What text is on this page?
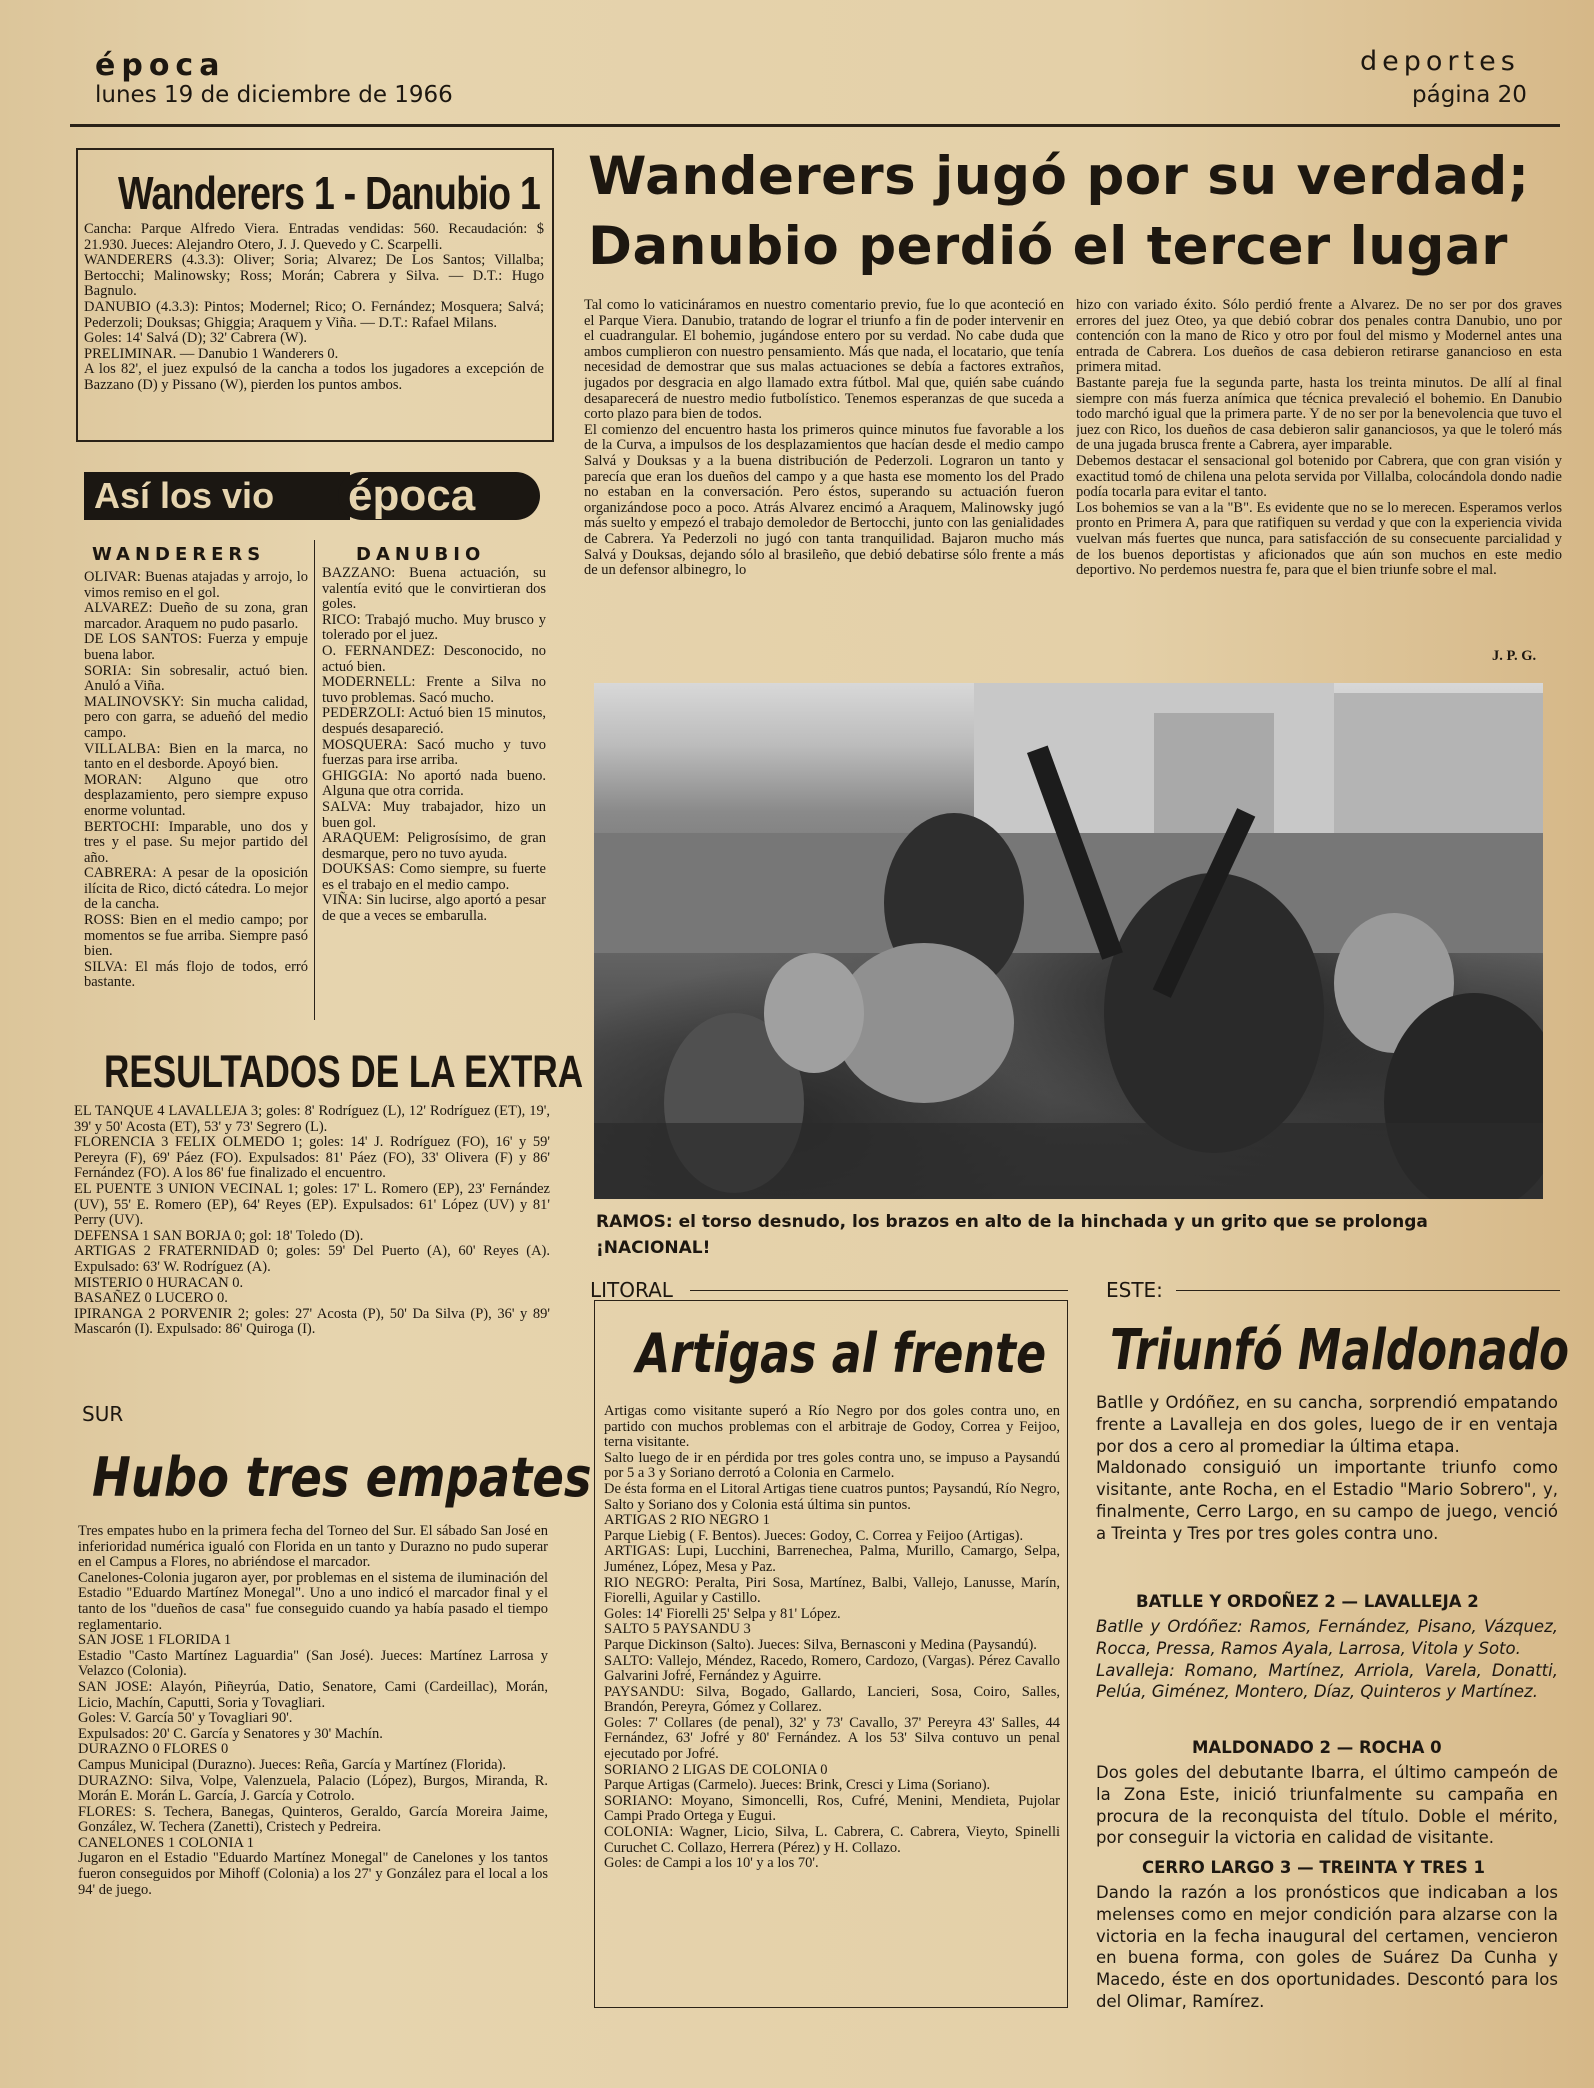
época
lunes 19 de diciembre de 1966
deportes
página 20
Wanderers 1 - Danubio 1
Cancha: Parque Alfredo Viera. Entradas vendidas: 560. Recaudación: $ 21.930. Jueces: Alejandro Otero, J. J. Quevedo y C. Scarpelli.
WANDERERS (4.3.3): Oliver; Soria; Alvarez; De Los Santos; Villalba; Bertocchi; Malinowsky; Ross; Morán; Cabrera y Silva. — D.T.: Hugo Bagnulo.
DANUBIO (4.3.3): Pintos; Modernel; Rico; O. Fernández; Mosquera; Salvá; Pederzoli; Douksas; Ghiggia; Araquem y Viña. — D.T.: Rafael Milans.
Goles: 14' Salvá (D); 32' Cabrera (W).
PRELIMINAR. — Danubio 1 Wanderers 0.
A los 82', el juez expulsó de la cancha a todos los jugadores a excepción de Bazzano (D) y Pissano (W), pierden los puntos ambos.
Así los vio	época
WANDERERS	DANUBIO
OLIVAR: Buenas atajadas y arrojo, lo vimos remiso en el gol.
ALVAREZ: Dueño de su zona, gran marcador. Araquem no pudo pasarlo.
DE LOS SANTOS: Fuerza y empuje buena labor.
SORIA: Sin sobresalir, actuó bien. Anuló a Viña.
MALINOVSKY: Sin mucha calidad, pero con garra, se adueñó del medio campo.
VILLALBA: Bien en la marca, no tanto en el desborde. Apoyó bien.
MORAN: Alguno que otro desplazamiento, pero siempre expuso enorme voluntad.
BERTOCHI: Imparable, uno dos y tres y el pase. Su mejor partido del año.
CABRERA: A pesar de la oposición ilícita de Rico, dictó cátedra. Lo mejor de la cancha.
ROSS: Bien en el medio campo; por momentos se fue arriba. Siempre pasó bien.
SILVA: El más flojo de todos, erró bastante.
BAZZANO: Buena actuación, su valentía evitó que le convirtieran dos goles.
RICO: Trabajó mucho. Muy brusco y tolerado por el juez.
O. FERNANDEZ: Desconocido, no actuó bien.
MODERNELL: Frente a Silva no tuvo problemas. Sacó mucho.
PEDERZOLI: Actuó bien 15 minutos, después desapareció.
MOSQUERA: Sacó mucho y tuvo fuerzas para irse arriba.
GHIGGIA: No aportó nada bueno. Alguna que otra corrida.
SALVA: Muy trabajador, hizo un buen gol.
ARAQUEM: Peligrosísimo, de gran desmarque, pero no tuvo ayuda.
DOUKSAS: Como siempre, su fuerte es el trabajo en el medio campo.
VIÑA: Sin lucirse, algo aportó a pesar de que a veces se embarulla.
RESULTADOS DE LA EXTRA
EL TANQUE 4 LAVALLEJA 3; goles: 8' Rodríguez (L), 12' Rodríguez (ET), 19', 39' y 50' Acosta (ET), 53' y 73' Segrero (L).
FLORENCIA 3 FELIX OLMEDO 1; goles: 14' J. Rodríguez (FO), 16' y 59' Pereyra (F), 69' Páez (FO). Expulsados: 81' Páez (FO), 33' Olivera (F) y 86' Fernández (FO). A los 86' fue finalizado el encuentro.
EL PUENTE 3 UNION VECINAL 1; goles: 17' L. Romero (EP), 23' Fernández (UV), 55' E. Romero (EP), 64' Reyes (EP). Expulsados: 61' López (UV) y 81' Perry (UV).
DEFENSA 1 SAN BORJA 0; gol: 18' Toledo (D).
ARTIGAS 2 FRATERNIDAD 0; goles: 59' Del Puerto (A), 60' Reyes (A). Expulsado: 63' W. Rodríguez (A).
MISTERIO 0 HURACAN 0.
BASAÑEZ 0 LUCERO 0.
IPIRANGA 2 PORVENIR 2; goles: 27' Acosta (P), 50' Da Silva (P), 36' y 89' Mascarón (I). Expulsado: 86' Quiroga (I).
SUR
Hubo tres empates
Tres empates hubo en la primera fecha del Torneo del Sur. El sábado San José en inferioridad numérica igualó con Florida en un tanto y Durazno no pudo superar en el Campus a Flores, no abriéndose el marcador.
Canelones-Colonia jugaron ayer, por problemas en el sistema de iluminación del Estadio "Eduardo Martínez Monegal". Uno a uno indicó el marcador final y el tanto de los "dueños de casa" fue conseguido cuando ya había pasado el tiempo reglamentario.
SAN JOSE 1 FLORIDA 1
Estadio "Casto Martínez Laguardia" (San José). Jueces: Martínez Larrosa y Velazco (Colonia).
SAN JOSE: Alayón, Piñeyrúa, Datio, Senatore, Cami (Cardeillac), Morán, Licio, Machín, Caputti, Soria y Tovagliari.
Goles: V. García 50' y Tovagliari 90'.
Expulsados: 20' C. García y Senatores y 30' Machín.
DURAZNO 0 FLORES 0
Campus Municipal (Durazno). Jueces: Reña, García y Martínez (Florida).
DURAZNO: Silva, Volpe, Valenzuela, Palacio (López), Burgos, Miranda, R. Morán E. Morán L. García, J. García y Cotrolo.
FLORES: S. Techera, Banegas, Quinteros, Geraldo, García Moreira Jaime, González, W. Techera (Zanetti), Cristech y Pedreira.
CANELONES 1 COLONIA 1
Jugaron en el Estadio "Eduardo Martínez Monegal" de Canelones y los tantos fueron conseguidos por Mihoff (Colonia) a los 27' y González para el local a los 94' de juego.
Wanderers jugó por su verdad;
Danubio perdió el tercer lugar
Tal como lo vaticináramos en nuestro comentario previo, fue lo que aconteció en el Parque Viera. Danubio, tratando de lograr el triunfo a fin de poder intervenir en el cuadrangular. El bohemio, jugándose entero por su verdad. No cabe duda que ambos cumplieron con nuestro pensamiento. Más que nada, el locatario, que tenía necesidad de demostrar que sus malas actuaciones se debía a factores extraños, jugados por desgracia en algo llamado extra fútbol. Mal que, quién sabe cuándo desaparecerá de nuestro medio futbolístico. Tenemos esperanzas de que suceda a corto plazo para bien de todos.
El comienzo del encuentro hasta los primeros quince minutos fue favorable a los de la Curva, a impulsos de los desplazamientos que hacían desde el medio campo Salvá y Douksas y a la buena distribución de Pederzoli. Lograron un tanto y parecía que eran los dueños del campo y a que hasta ese momento los del Prado no estaban en la conversación. Pero éstos, superando su actuación fueron organizándose poco a poco. Atrás Alvarez encimó a Araquem, Malinowsky jugó más suelto y empezó el trabajo demoledor de Bertocchi, junto con las genialidades de Cabrera. Ya Pederzoli no jugó con tanta tranquilidad. Bajaron mucho más Salvá y Douksas, dejando sólo al brasileño, que debió debatirse sólo frente a más de un defensor albinegro, lo
hizo con variado éxito. Sólo perdió frente a Alvarez. De no ser por dos graves errores del juez Oteo, ya que debió cobrar dos penales contra Danubio, uno por contención con la mano de Rico y otro por foul del mismo y Modernel antes una entrada de Cabrera. Los dueños de casa debieron retirarse ganancioso en esta primera mitad.
Bastante pareja fue la segunda parte, hasta los treinta minutos. De allí al final siempre con más fuerza anímica que técnica prevaleció el bohemio. En Danubio todo marchó igual que la primera parte. Y de no ser por la benevolencia que tuvo el juez con Rico, los dueños de casa debieron salir gananciosos, ya que le toleró más de una jugada brusca frente a Cabrera, ayer imparable.
Debemos destacar el sensacional gol botenido por Cabrera, que con gran visión y exactitud tomó de chilena una pelota servida por Villalba, colocándola dondo nadie podía tocarla para evitar el tanto.
Los bohemios se van a la "B". Es evidente que no se lo merecen. Esperamos verlos pronto en Primera A, para que ratifiquen su verdad y que con la experiencia vivida vuelvan más fuertes que nunca, para satisfacción de su consecuente parcialidad y de los buenos deportistas y aficionados que aún son muchos en este medio deportivo. No perdemos nuestra fe, para que el bien triunfe sobre el mal.
J. P. G.
RAMOS: el torso desnudo, los brazos en alto de la hinchada y un grito que se prolonga
¡NACIONAL!
LITORAL
Artigas al frente
Artigas como visitante superó a Río Negro por dos goles contra uno, en partido con muchos problemas con el arbitraje de Godoy, Correa y Feijoo, terna visitante.
Salto luego de ir en pérdida por tres goles contra uno, se impuso a Paysandú por 5 a 3 y Soriano derrotó a Colonia en Carmelo.
De ésta forma en el Litoral Artigas tiene cuatros puntos; Paysandú, Río Negro, Salto y Soriano dos y Colonia está última sin puntos.
ARTIGAS 2 RIO NEGRO 1
Parque Liebig ( F. Bentos). Jueces: Godoy, C. Correa y Feijoo (Artigas).
ARTIGAS: Lupi, Lucchini, Barrenechea, Palma, Murillo, Camargo, Selpa, Juménez, López, Mesa y Paz.
RIO NEGRO: Peralta, Piri Sosa, Martínez, Balbi, Vallejo, Lanusse, Marín, Fiorelli, Aguilar y Castillo.
Goles: 14' Fiorelli 25' Selpa y 81' López.
SALTO 5 PAYSANDU 3
Parque Dickinson (Salto). Jueces: Silva, Bernasconi y Medina (Paysandú).
SALTO: Vallejo, Méndez, Racedo, Romero, Cardozo, (Vargas). Pérez Cavallo Galvarini Jofré, Fernández y Aguirre.
PAYSANDU: Silva, Bogado, Gallardo, Lancieri, Sosa, Coiro, Salles, Brandón, Pereyra, Gómez y Collarez.
Goles: 7' Collares (de penal), 32' y 73' Cavallo, 37' Pereyra 43' Salles, 44 Fernández, 63' Jofré y 80' Fernández. A los 53' Silva contuvo un penal ejecutado por Jofré.
SORIANO 2 LIGAS DE COLONIA 0
Parque Artigas (Carmelo). Jueces: Brink, Cresci y Lima (Soriano).
SORIANO: Moyano, Simoncelli, Ros, Cufré, Menini, Mendieta, Pujolar Campi Prado Ortega y Eugui.
COLONIA: Wagner, Licio, Silva, L. Cabrera, C. Cabrera, Vieyto, Spinelli Curuchet C. Collazo, Herrera (Pérez) y H. Collazo.
Goles: de Campi a los 10' y a los 70'.
ESTE:
Triunfó Maldonado
Batlle y Ordóñez, en su cancha, sorprendió empatando frente a Lavalleja en dos goles, luego de ir en ventaja por dos a cero al promediar la última etapa.
Maldonado consiguió un importante triunfo como visitante, ante Rocha, en el Estadio "Mario Sobrero", y, finalmente, Cerro Largo, en su campo de juego, venció a Treinta y Tres por tres goles contra uno.
BATLLE Y ORDOÑEZ 2 — LAVALLEJA 2
Batlle y Ordóñez: Ramos, Fernández, Pisano, Vázquez, Rocca, Pressa, Ramos Ayala, Larrosa, Vitola y Soto.
Lavalleja: Romano, Martínez, Arriola, Varela, Donatti, Pelúa, Giménez, Montero, Díaz, Quinteros y Martínez.
MALDONADO 2 — ROCHA 0
Dos goles del debutante Ibarra, el último campeón de la Zona Este, inició triunfalmente su campaña en procura de la reconquista del título. Doble el mérito, por conseguir la victoria en calidad de visitante.
CERRO LARGO 3 — TREINTA Y TRES 1
Dando la razón a los pronósticos que indicaban a los melenses como en mejor condición para alzarse con la victoria en la fecha inaugural del certamen, vencieron en buena forma, con goles de Suárez Da Cunha y Macedo, éste en dos oportunidades. Descontó para los del Olimar, Ramírez.
